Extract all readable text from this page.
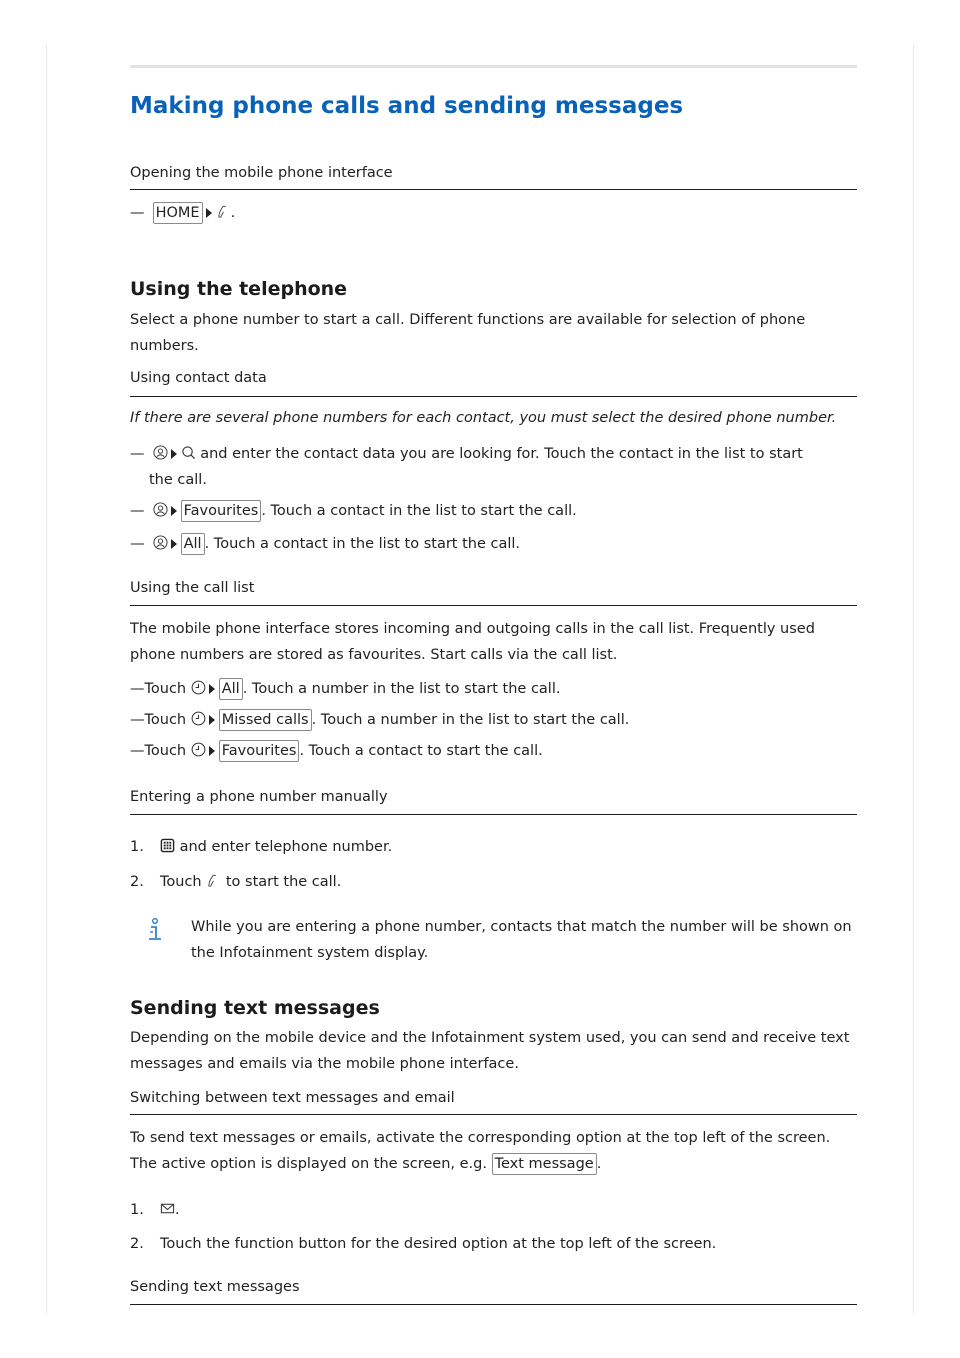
Making phone calls and sending messages
Opening the mobile phone interface
— HOME .
Using the telephone
Select a phone number to start a call. Different functions are available for selection of phone numbers.
Using contact data
If there are several phone numbers for each contact, you must select the desired phone number.
—	and enter the contact data you are looking for. Touch the contact in the list to start
the call.
—	Favourites . Touch a contact in the list to start the call.
—	All . Touch a contact in the list to start the call.
Using the call list
The mobile phone interface stores incoming and outgoing calls in the call list. Frequently used phone numbers are stored as favourites. Start calls via the call list.
—Touch All . Touch a number in the list to start the call.
—Touch Missed calls . Touch a number in the list to start the call.
—Touch Favourites . Touch a contact to start the call.
Entering a phone number manually
1. and enter telephone number.
2. Touch to start the call.
While you are entering a phone number, contacts that match the number will be shown on the Infotainment system display.
Sending text messages
Depending on the mobile device and the Infotainment system used, you can send and receive text messages and emails via the mobile phone interface.
Switching between text messages and email
To send text messages or emails, activate the corresponding option at the top left of the screen.
The active option is displayed on the screen, e.g. Text message .
1. .
2. Touch the function button for the desired option at the top left of the screen.
Sending text messages
